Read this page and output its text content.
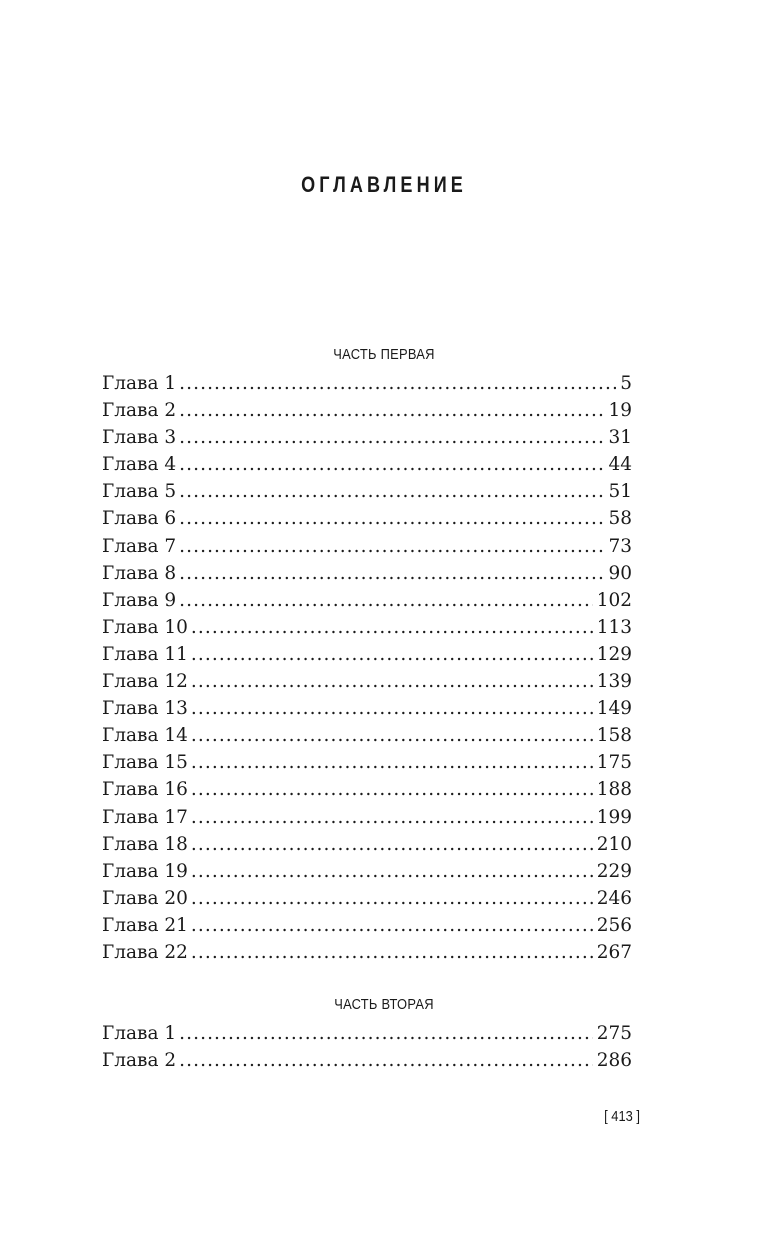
ОГЛАВЛЕНИЕ
ЧАСТЬ ПЕРВАЯ
Глава 1 .....	5
Глава 2 .....	19
Глава 3 .....	31
Глава 4 .....	44
Глава 5 .....	51
Глава 6 .....	58
Глава 7 .....	73
Глава 8 .....	90
Глава 9 .....	102
Глава 10 .....	113
Глава 11 .....	129
Глава 12 .....	139
Глава 13 .....	149
Глава 14 .....	158
Глава 15 .....	175
Глава 16 .....	188
Глава 17 .....	199
Глава 18 .....	210
Глава 19 .....	229
Глава 20 .....	246
Глава 21 .....	256
Глава 22 .....	267
ЧАСТЬ ВТОРАЯ
Глава 1 .....	275
Глава 2 .....	286
[ 413 ]
